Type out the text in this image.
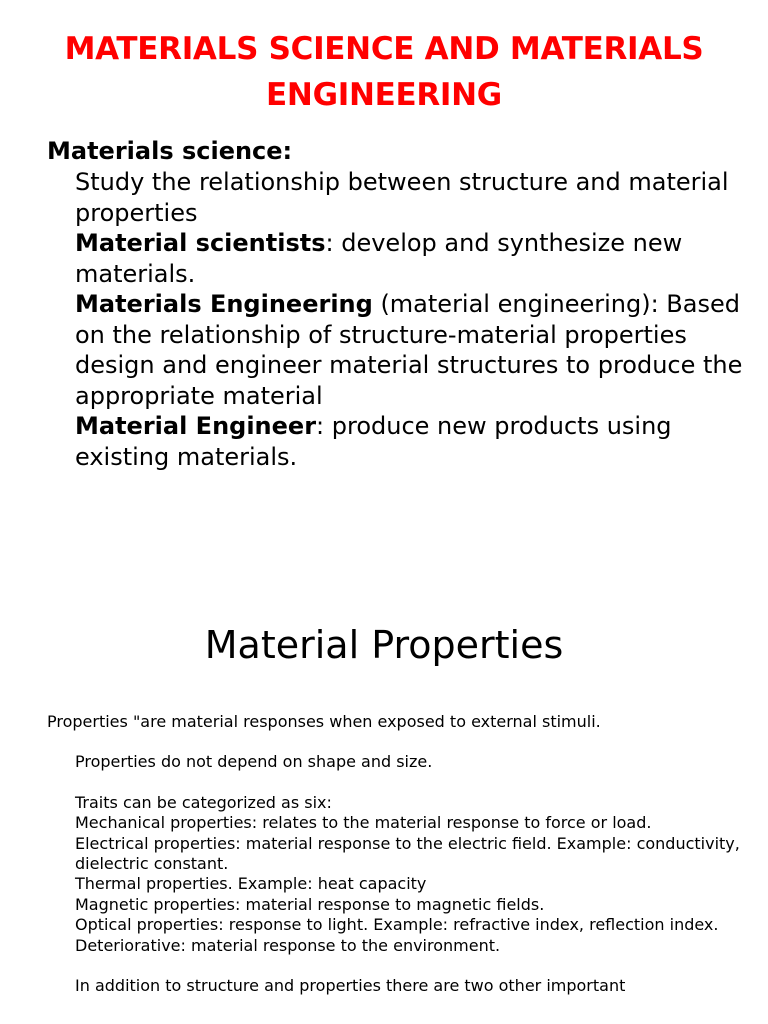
MATERIALS SCIENCE AND MATERIALS
ENGINEERING

Materials science:

Study the relationship between structure and material properties

Material scientists: develop and synthesize new materials.

Materials Engineering (material engineering): Based on the relationship of structure-material properties design and engineer material structures to produce the appropriate material

Material Engineer: produce new products using existing materials.

Material Properties

Properties "are material responses when exposed to external stimuli.

Properties do not depend on shape and size.

Traits can be categorized as six:

Mechanical properties: relates to the material response to force or load.

Electrical properties: material response to the electric field. Example: conductivity, dielectric constant.

Thermal properties. Example: heat capacity

Magnetic properties: material response to magnetic fields.

Optical properties: response to light. Example: refractive index, reflection index.

Deteriorative: material response to the environment.

In addition to structure and properties there are two other important
